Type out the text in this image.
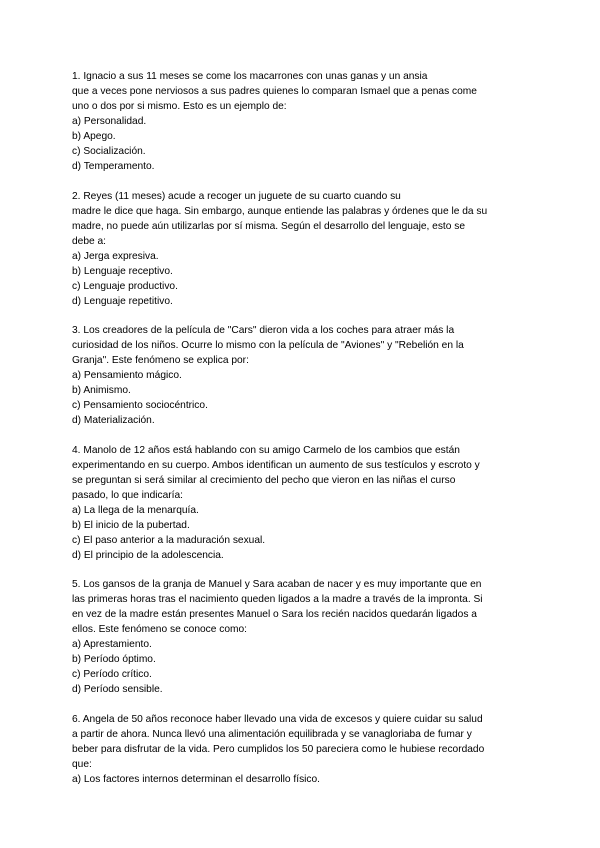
1. Ignacio a sus 11 meses se come los macarrones con unas ganas y un ansia
que a veces pone nerviosos a sus padres quienes lo comparan Ismael que a penas come
uno o dos por si mismo. Esto es un ejemplo de:
a) Personalidad.
b) Apego.
c) Socialización.
d) Temperamento.
2. Reyes (11 meses) acude a recoger un juguete de su cuarto cuando su
madre le dice que haga. Sin embargo, aunque entiende las palabras y órdenes que le da su
madre, no puede aún utilizarlas por sí misma. Según el desarrollo del lenguaje, esto se
debe a:
a) Jerga expresiva.
b) Lenguaje receptivo.
c) Lenguaje productivo.
d) Lenguaje repetitivo.
3. Los creadores de la película de "Cars" dieron vida a los coches para atraer más la
curiosidad de los niños. Ocurre lo mismo con la película de "Aviones" y "Rebelión en la
Granja". Este fenómeno se explica por:
a) Pensamiento mágico.
b) Animismo.
c) Pensamiento sociocéntrico.
d) Materialización.
4. Manolo de 12 años está hablando con su amigo Carmelo de los cambios que están
experimentando en su cuerpo. Ambos identifican un aumento de sus testículos y escroto y
se preguntan si será similar al crecimiento del pecho que vieron en las niñas el curso
pasado, lo que indicaría:
a) La llega de la menarquía.
b) El inicio de la pubertad.
c) El paso anterior a la maduración sexual.
d) El principio de la adolescencia.
5. Los gansos de la granja de Manuel y Sara acaban de nacer y es muy importante que en
las primeras horas tras el nacimiento queden ligados a la madre a través de la impronta. Si
en vez de la madre están presentes Manuel o Sara los recién nacidos quedarán ligados a
ellos. Este fenómeno se conoce como:
a) Aprestamiento.
b) Período óptimo.
c) Período crítico.
d) Período sensible.
6. Angela de 50 años reconoce haber llevado una vida de excesos y quiere cuidar su salud
a partir de ahora. Nunca llevó una alimentación equilibrada y se vanagloriaba de fumar y
beber para disfrutar de la vida. Pero cumplidos los 50 pareciera como le hubiese recordado
que:
a) Los factores internos determinan el desarrollo físico.
